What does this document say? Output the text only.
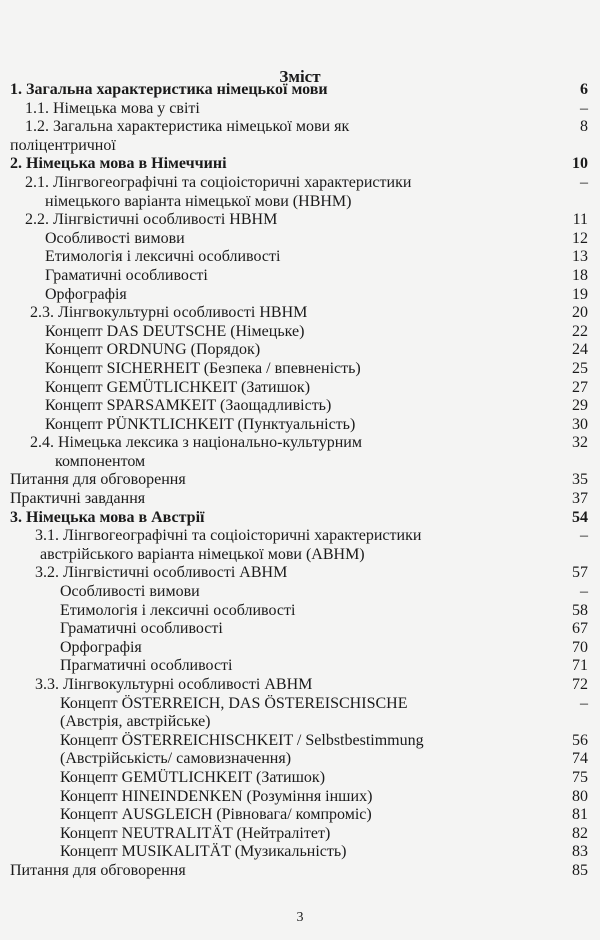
Зміст
1. Загальна характеристика німецької мови	6
1.1. Німецька мова у світі	–
1.2. Загальна характеристика німецької мови як	8
поліцентричної
2. Німецька мова в Німеччині	10
2.1. Лінгвогеографічні та соціоісторичні характеристики	–
німецького варіанта німецької мови (НВНМ)
2.2. Лінгвістичні особливості НВНМ	11
Особливості вимови	12
Етимологія і лексичні особливості	13
Граматичні особливості	18
Орфографія	19
2.3. Лінгвокультурні особливості НВНМ	20
Концепт DAS DEUTSCHE (Німецьке)	22
Концепт ORDNUNG (Порядок)	24
Концепт SICHERHEIT (Безпека / впевненість)	25
Концепт GEMÜTLICHKEIT (Затишок)	27
Концепт SPARSAMKEIT (Заощадливість)	29
Концепт PÜNKTLICHKEIT (Пунктуальність)	30
2.4. Німецька лексика з національно-культурним	32
компонентом
Питання для обговорення	35
Практичні завдання	37
3. Німецька мова в Австрії	54
3.1. Лінгвогеографічні та соціоісторичні характеристики	–
австрійського варіанта німецької мови (АВНМ)
3.2. Лінгвістичні особливості АВНМ	57
Особливості вимови	–
Етимологія і лексичні особливості	58
Граматичні особливості	67
Орфографія	70
Прагматичні особливості	71
3.3. Лінгвокультурні особливості АВНМ	72
Концепт ÖSTERREICH, DAS ÖSTEREISCHISCHE	–
(Австрія, австрійське)
Концепт ÖSTERREICHISCHKEIT / Selbstbestimmung	56
(Австрійськість/ самовизначення)	74
Концепт GEMÜTLICHKEIT (Затишок)	75
Концепт HINEINDENKEN (Розуміння інших)	80
Концепт AUSGLEICH (Рівновага/ компроміс)	81
Концепт NEUTRALITÄT (Нейтралітет)	82
Концепт MUSIKALITÄT (Музикальність)	83
Питання для обговорення	85
3
